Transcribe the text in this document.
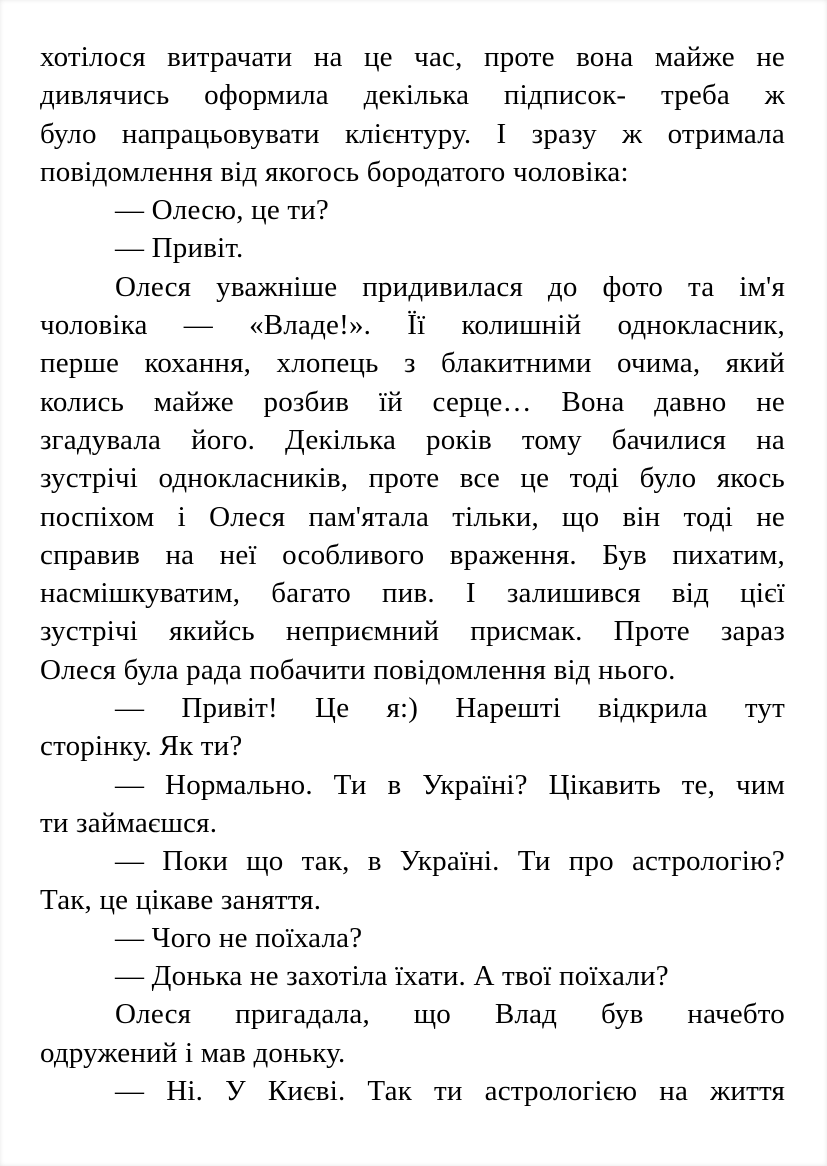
хотілося витрачати на це час, проте вона майже не
дивлячись оформила декілька підписок- треба ж
було напрацьовувати клієнтуру. І зразу ж отримала
повідомлення від якогось бородатого чоловіка:
— Олесю, це ти?
— Привіт.
Олеся уважніше придивилася до фото та ім'я
чоловіка — «Владе!». Її колишній однокласник,
перше кохання, хлопець з блакитними очима, який
колись майже розбив їй серце… Вона давно не
згадувала його. Декілька років тому бачилися на
зустрічі однокласників, проте все це тоді було якось
поспіхом і Олеся пам'ятала тільки, що він тоді не
справив на неї особливого враження. Був пихатим,
насмішкуватим, багато пив. І залишився від цієї
зустрічі якийсь неприємний присмак. Проте зараз
Олеся була рада побачити повідомлення від нього.
— Привіт! Це я:) Нарешті відкрила тут
сторінку. Як ти?
— Нормально. Ти в Україні? Цікавить те, чим
ти займаєшся.
— Поки що так, в Україні. Ти про астрологію?
Так, це цікаве заняття.
— Чого не поїхала?
— Донька не захотіла їхати. А твої поїхали?
Олеся пригадала, що Влад був начебто
одружений і мав доньку.
— Ні. У Києві. Так ти астрологією на життя
